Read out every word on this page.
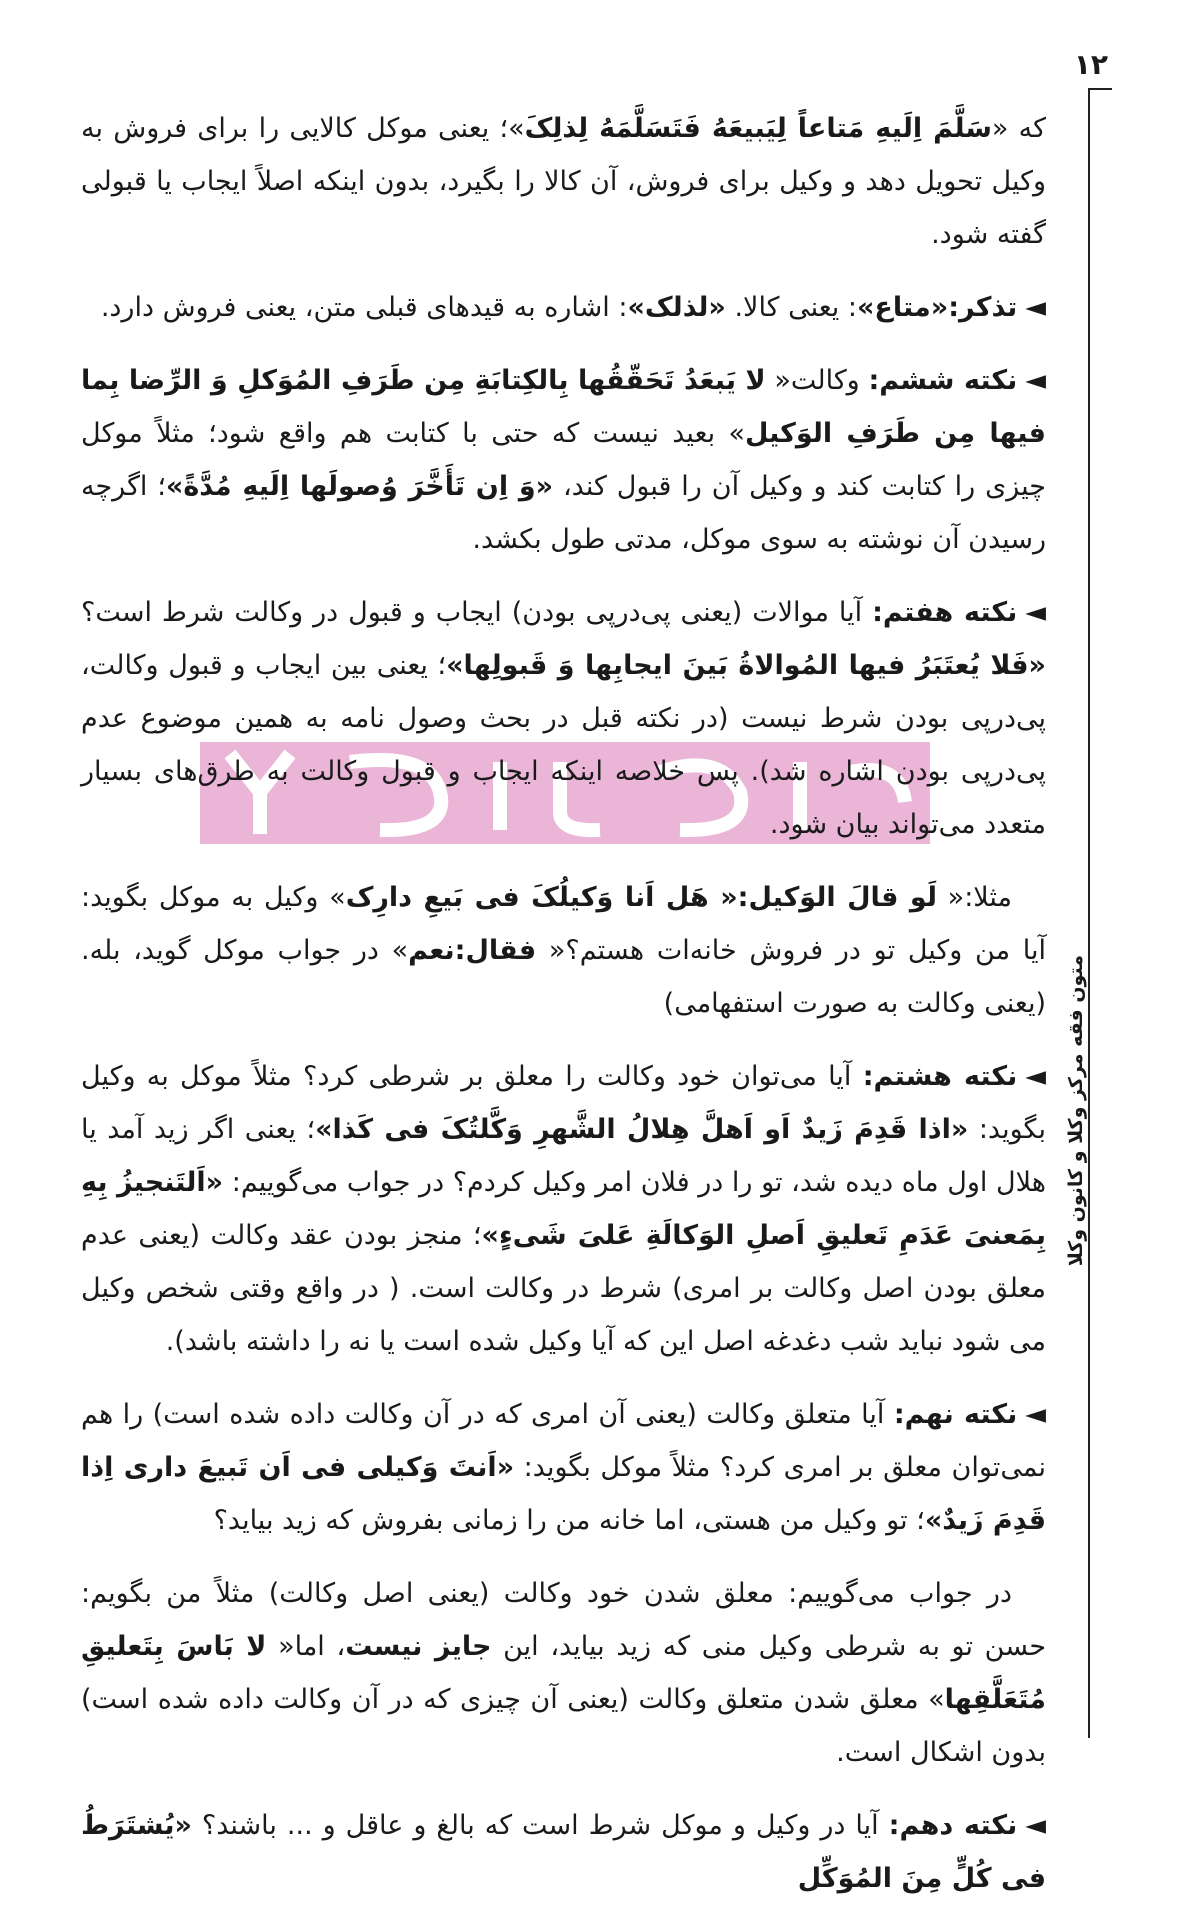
۱۲
متون فقه مرکز وکلا و کانون وکلا

که «سَلَّمَ اِلَیهِ مَتاعاً لِیَبیعَهُ فَتَسَلَّمَهُ لِذلِکَ»؛ یعنی موکل کالایی را برای فروش به وکیل تحویل دهد و وکیل برای فروش، آن کالا را بگیرد، بدون اینکه اصلاً ایجاب یا قبولی گفته شود.

◄تذکر:«متاع»: یعنی کالا. «لذلک»: اشاره به قیدهای قبلی متن، یعنی فروش دارد.

◄نکته ششم: وکالت« لا یَبعَدُ تَحَقّقُها بِالکِتابَةِ مِن طَرَفِ المُوَکلِ وَ الرِّضا بِما فیها مِن طَرَفِ الوَکیل» بعید نیست که حتی با کتابت هم واقع شود؛ مثلاً موکل چیزی را کتابت کند و وکیل آن را قبول کند، «وَ اِن تَأَخَّرَ وُصولَها اِلَیهِ مُدَّةً»؛ اگرچه رسیدن آن نوشته به سوی موکل، مدتی طول بکشد.

◄نکته هفتم: آیا موالات (یعنی پی‌درپی بودن) ایجاب و قبول در وکالت شرط است؟ «فَلا یُعتَبَرُ فیها المُوالاةُ بَینَ ایجابِها وَ قَبولِها»؛ یعنی بین ایجاب و قبول وکالت، پی‌درپی بودن شرط نیست (در نکته قبل در بحث وصول نامه به همین موضوع عدم پی‌درپی بودن اشاره شد). پس خلاصه اینکه ایجاب و قبول وکالت به طرق‌های بسیار متعدد می‌تواند بیان شود.

مثلا:« لَو قالَ الوَکیل:« هَل اَنا وَکیلُکَ فی بَیعِ دارِک» وکیل به موکل بگوید: آیا من وکیل تو در فروش خانه‌ات هستم؟« فقال:نعم» در جواب موکل گوید، بله.(یعنی وکالت به صورت استفهامی)

◄نکته هشتم: آیا می‌توان خود وکالت را معلق بر شرطی کرد؟ مثلاً موکل به وکیل بگوید: «اذا قَدِمَ زَیدٌ اَو اَهلَّ هِلالُ الشَّهرِ وَکَّلتُکَ فی کَذا»؛ یعنی اگر زید آمد یا هلال اول ماه دیده شد، تو را در فلان امر وکیل کردم؟ در جواب می‌گوییم: «اَلتَنجیزُ بِهِ بِمَعنیَ عَدَمِ تَعلیقِ اَصلِ الوَکالَةِ عَلیَ شَیءٍ»؛ منجز بودن عقد وکالت (یعنی عدم معلق بودن اصل وکالت بر امری) شرط در وکالت است. ( در واقع وقتی شخص وکیل می شود نباید شب دغدغه اصل این که آیا وکیل شده است یا نه را داشته باشد).

◄نکته نهم: آیا متعلق وکالت (یعنی آن امری که در آن وکالت داده شده است) را هم نمی‌توان معلق بر امری کرد؟ مثلاً موکل بگوید: «اَنتَ وَکیلی فی اَن تَبیعَ داری اِذا قَدِمَ زَیدٌ»؛ تو وکیل من هستی، اما خانه من را زمانی بفروش که زید بیاید؟

در جواب می‌گوییم: معلق شدن خود وکالت (یعنی اصل وکالت) مثلاً من بگویم: حسن تو به شرطی وکیل منی که زید بیاید، این جایز نیست، اما« لا بَاسَ بِتَعلیقِ مُتَعَلَّقِها» معلق شدن متعلق وکالت (یعنی آن چیزی که در آن وکالت داده شده است) بدون اشکال است.

◄نکته دهم: آیا در وکیل و موکل شرط است که بالغ و عاقل و ... باشند؟ «یُشتَرَطُ فی کُلٍّ مِنَ المُوَکِّل
